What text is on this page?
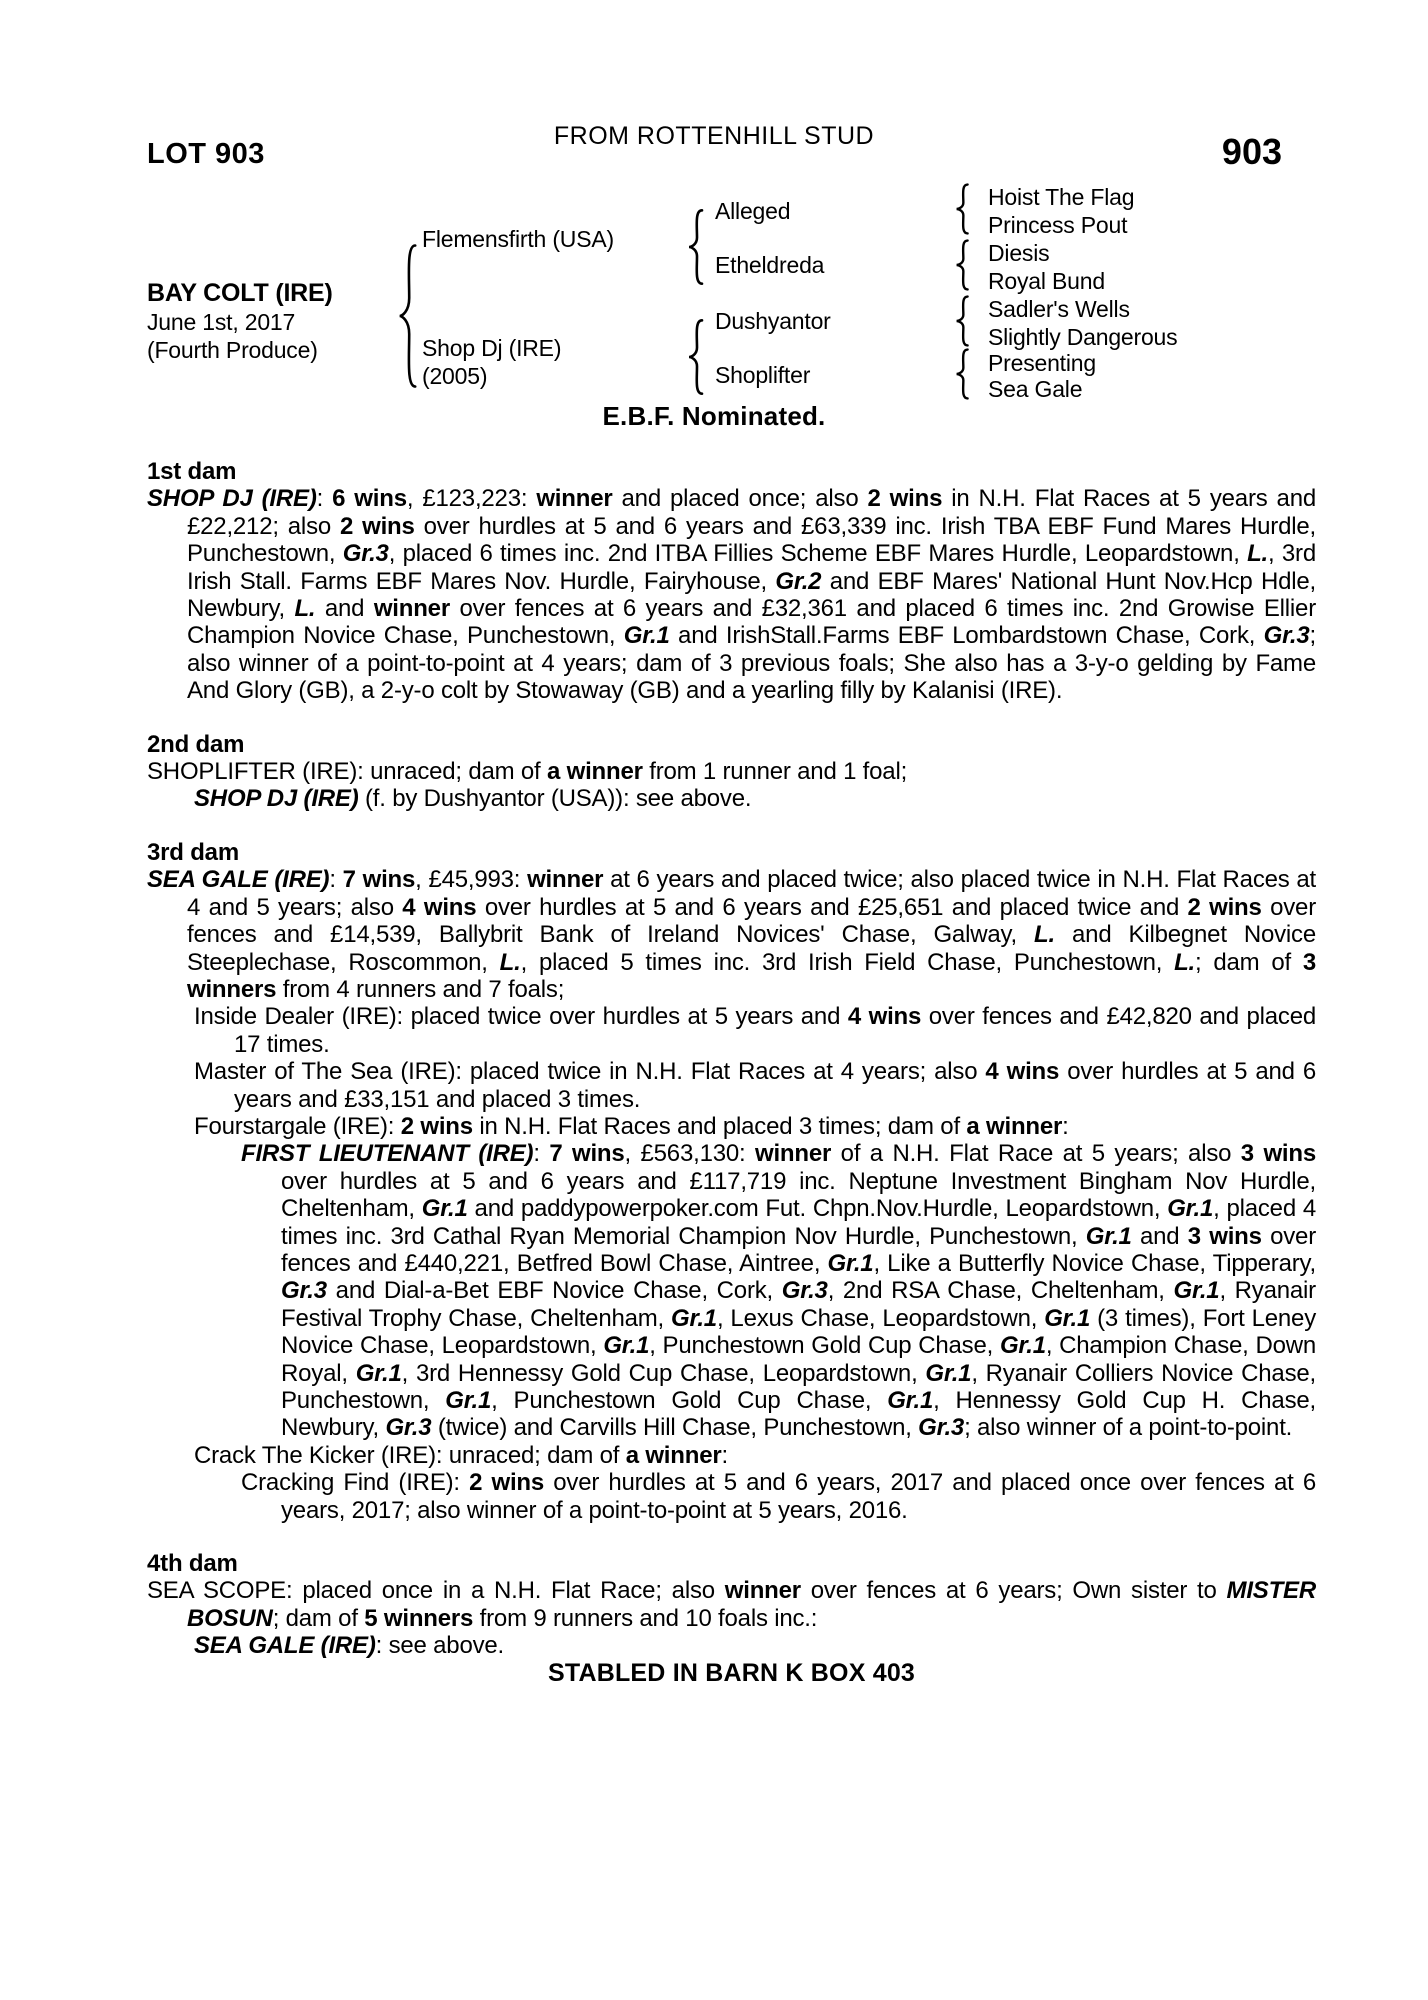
LOT 903
FROM ROTTENHILL STUD	903
BAY COLT (IRE)
June 1st, 2017
(Fourth Produce)
Flemensfirth (USA)
Shop Dj (IRE)
(2005)
Alleged
Etheldreda
Dushyantor
Shoplifter
Hoist The Flag
Princess Pout
Diesis
Royal Bund
Sadler's Wells
Slightly Dangerous
Presenting
Sea Gale
E.B.F. Nominated.
1st dam
SHOP DJ (IRE): 6 wins, £123,223: winner and placed once; also 2 wins in N.H. Flat Races at 5 years and £22,212; also 2 wins over hurdles at 5 and 6 years and £63,339 inc. Irish TBA EBF Fund Mares Hurdle, Punchestown, Gr.3, placed 6 times inc. 2nd ITBA Fillies Scheme EBF Mares Hurdle, Leopardstown, L., 3rd Irish Stall. Farms EBF Mares Nov. Hurdle, Fairyhouse, Gr.2 and EBF Mares' National Hunt Nov.Hcp Hdle, Newbury, L. and winner over fences at 6 years and £32,361 and placed 6 times inc. 2nd Growise Ellier Champion Novice Chase, Punchestown, Gr.1 and IrishStall.Farms EBF Lombardstown Chase, Cork, Gr.3; also winner of a point-to-point at 4 years; dam of 3 previous foals; She also has a 3-y-o gelding by Fame And Glory (GB), a 2-y-o colt by Stowaway (GB) and a yearling filly by Kalanisi (IRE).
2nd dam
SHOPLIFTER (IRE): unraced; dam of a winner from 1 runner and 1 foal;
SHOP DJ (IRE) (f. by Dushyantor (USA)): see above.
3rd dam
SEA GALE (IRE): 7 wins, £45,993: winner at 6 years and placed twice; also placed twice in N.H. Flat Races at 4 and 5 years; also 4 wins over hurdles at 5 and 6 years and £25,651 and placed twice and 2 wins over fences and £14,539, Ballybrit Bank of Ireland Novices' Chase, Galway, L. and Kilbegnet Novice Steeplechase, Roscommon, L., placed 5 times inc. 3rd Irish Field Chase, Punchestown, L.; dam of 3 winners from 4 runners and 7 foals;
Inside Dealer (IRE): placed twice over hurdles at 5 years and 4 wins over fences and £42,820 and placed 17 times.
Master of The Sea (IRE): placed twice in N.H. Flat Races at 4 years; also 4 wins over hurdles at 5 and 6 years and £33,151 and placed 3 times.
Fourstargale (IRE): 2 wins in N.H. Flat Races and placed 3 times; dam of a winner:
FIRST LIEUTENANT (IRE): 7 wins, £563,130: winner of a N.H. Flat Race at 5 years; also 3 wins over hurdles at 5 and 6 years and £117,719 inc. Neptune Investment Bingham Nov Hurdle, Cheltenham, Gr.1 and paddypowerpoker.com Fut. Chpn.Nov.Hurdle, Leopardstown, Gr.1, placed 4 times inc. 3rd Cathal Ryan Memorial Champion Nov Hurdle, Punchestown, Gr.1 and 3 wins over fences and £440,221, Betfred Bowl Chase, Aintree, Gr.1, Like a Butterfly Novice Chase, Tipperary, Gr.3 and Dial-a-Bet EBF Novice Chase, Cork, Gr.3, 2nd RSA Chase, Cheltenham, Gr.1, Ryanair Festival Trophy Chase, Cheltenham, Gr.1, Lexus Chase, Leopardstown, Gr.1 (3 times), Fort Leney Novice Chase, Leopardstown, Gr.1, Punchestown Gold Cup Chase, Gr.1, Champion Chase, Down Royal, Gr.1, 3rd Hennessy Gold Cup Chase, Leopardstown, Gr.1, Ryanair Colliers Novice Chase, Punchestown, Gr.1, Punchestown Gold Cup Chase, Gr.1, Hennessy Gold Cup H. Chase, Newbury, Gr.3 (twice) and Carvills Hill Chase, Punchestown, Gr.3; also winner of a point-to-point.
Crack The Kicker (IRE): unraced; dam of a winner:
Cracking Find (IRE): 2 wins over hurdles at 5 and 6 years, 2017 and placed once over fences at 6 years, 2017; also winner of a point-to-point at 5 years, 2016.
4th dam
SEA SCOPE: placed once in a N.H. Flat Race; also winner over fences at 6 years; Own sister to MISTER BOSUN; dam of 5 winners from 9 runners and 10 foals inc.:
SEA GALE (IRE): see above.
STABLED IN BARN K BOX 403
